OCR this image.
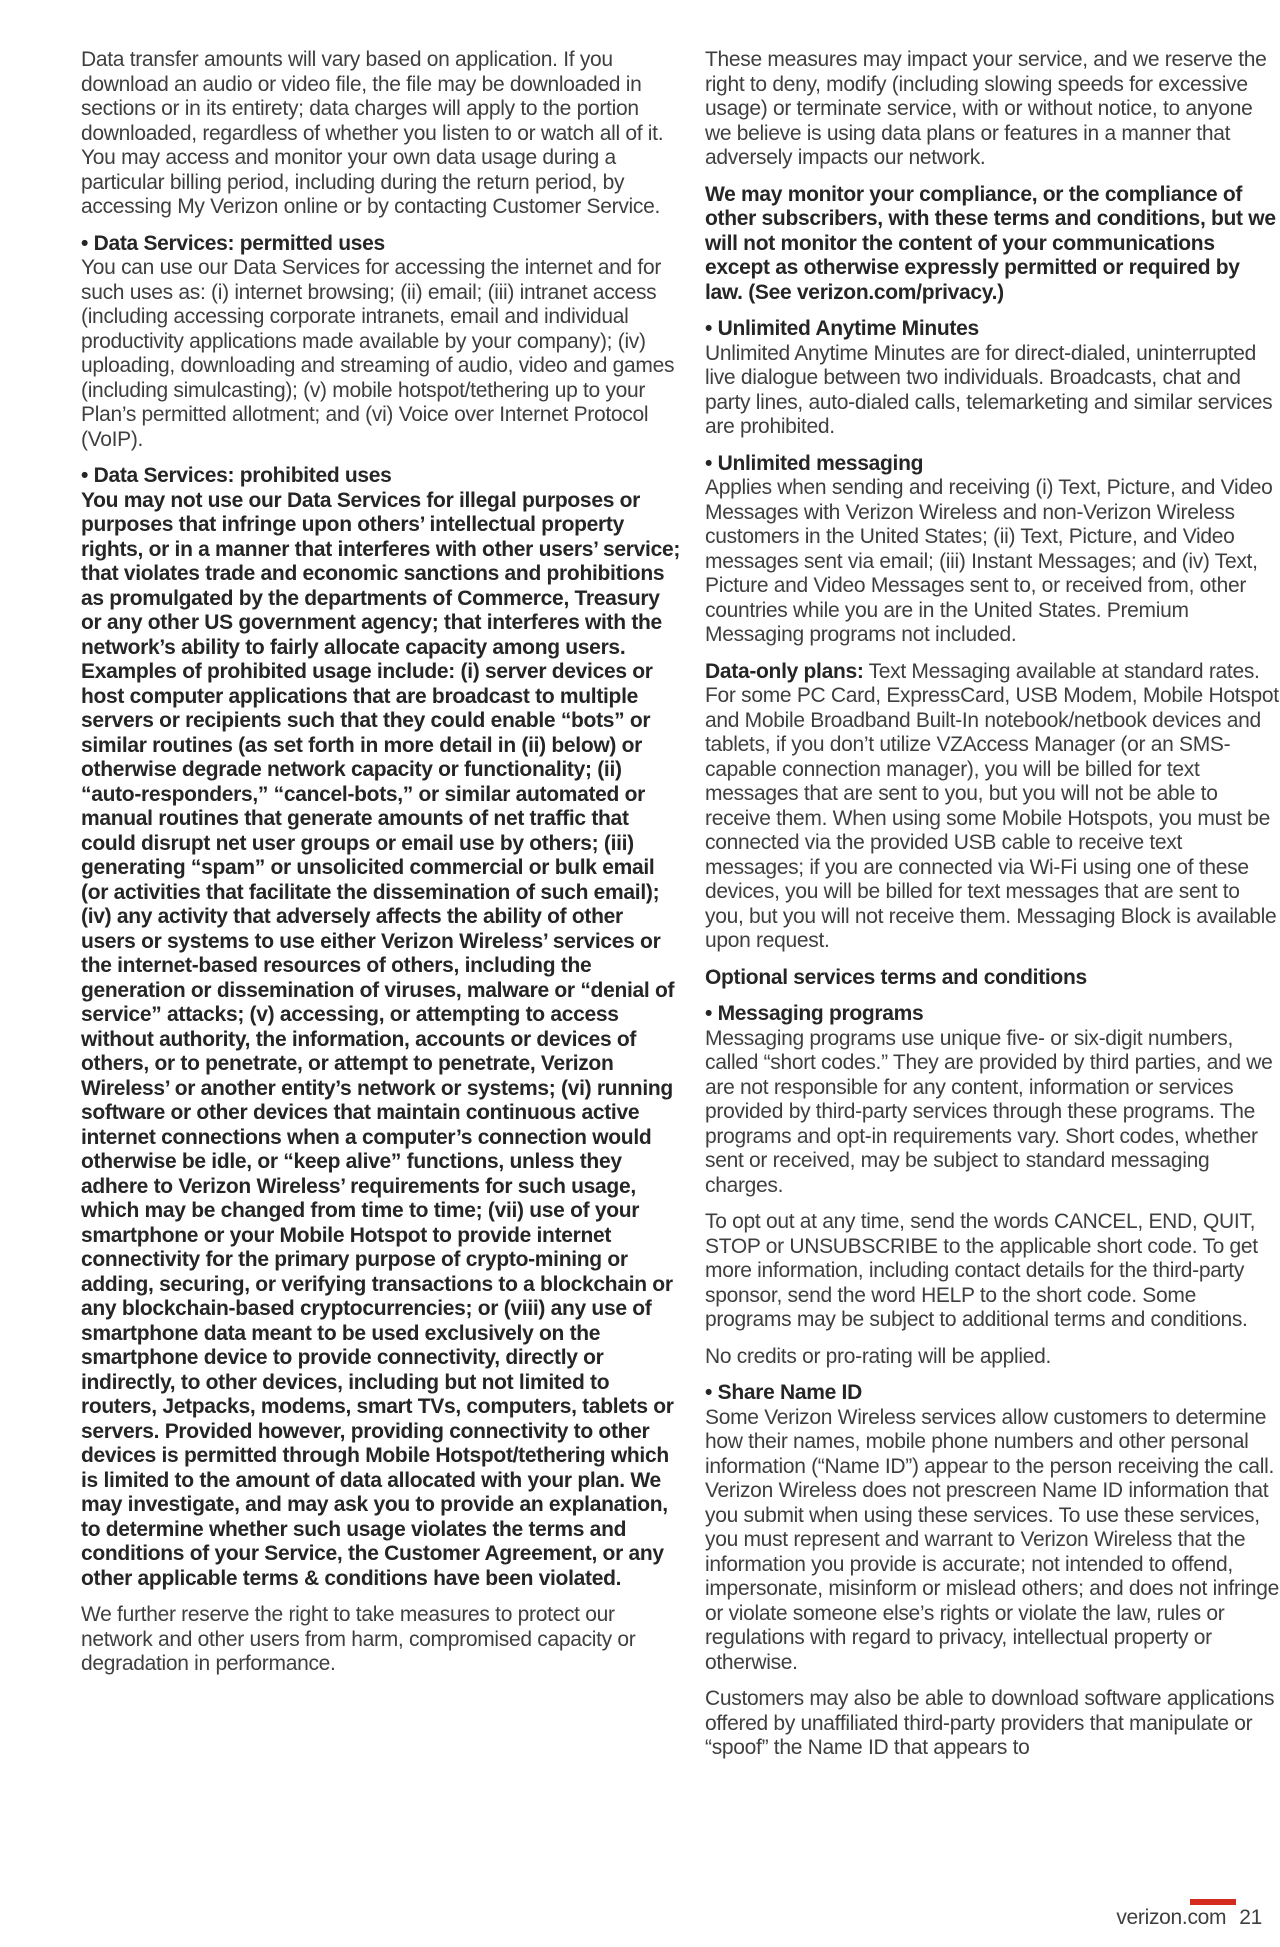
Data transfer amounts will vary based on application. If you download an audio or video file, the file may be downloaded in sections or in its entirety; data charges will apply to the portion downloaded, regardless of whether you listen to or watch all of it. You may access and monitor your own data usage during a particular billing period, including during the return period, by accessing My Verizon online or by contacting Customer Service.
• Data Services: permitted uses
You can use our Data Services for accessing the internet and for such uses as: (i) internet browsing; (ii) email; (iii) intranet access (including accessing corporate intranets, email and individual productivity applications made available by your company); (iv) uploading, downloading and streaming of audio, video and games (including simulcasting); (v) mobile hotspot/tethering up to your Plan’s permitted allotment; and (vi) Voice over Internet Protocol (VoIP).
• Data Services: prohibited uses
You may not use our Data Services for illegal purposes or purposes that infringe upon others’ intellectual property rights, or in a manner that interferes with other users’ service; that violates trade and economic sanctions and prohibitions as promulgated by the departments of Commerce, Treasury or any other US government agency; that interferes with the network’s ability to fairly allocate capacity among users. Examples of prohibited usage include: (i) server devices or host computer applications that are broadcast to multiple servers or recipients such that they could enable “bots” or similar routines (as set forth in more detail in (ii) below) or otherwise degrade network capacity or functionality; (ii) “auto-responders,” “cancel-bots,” or similar automated or manual routines that generate amounts of net traffic that could disrupt net user groups or email use by others; (iii) generating “spam” or unsolicited commercial or bulk email (or activities that facilitate the dissemination of such email); (iv) any activity that adversely affects the ability of other users or systems to use either Verizon Wireless’ services or the internet-based resources of others, including the generation or dissemination of viruses, malware or “denial of service” attacks; (v) accessing, or attempting to access without authority, the information, accounts or devices of others, or to penetrate, or attempt to penetrate, Verizon Wireless’ or another entity’s network or systems; (vi) running software or other devices that maintain continuous active internet connections when a computer’s connection would otherwise be idle, or “keep alive” functions, unless they adhere to Verizon Wireless’ requirements for such usage, which may be changed from time to time; (vii) use of your smartphone or your Mobile Hotspot to provide internet connectivity for the primary purpose of crypto-mining or adding, securing, or verifying transactions to a blockchain or any blockchain-based cryptocurrencies; or (viii) any use of smartphone data meant to be used exclusively on the smartphone device to provide connectivity, directly or indirectly, to other devices, including but not limited to routers, Jetpacks, modems, smart TVs, computers, tablets or servers. Provided however, providing connectivity to other devices is permitted through Mobile Hotspot/tethering which is limited to the amount of data allocated with your plan. We may investigate, and may ask you to provide an explanation, to determine whether such usage violates the terms and conditions of your Service, the Customer Agreement, or any other applicable terms & conditions have been violated.
We further reserve the right to take measures to protect our network and other users from harm, compromised capacity or degradation in performance.
These measures may impact your service, and we reserve the right to deny, modify (including slowing speeds for excessive usage) or terminate service, with or without notice, to anyone we believe is using data plans or features in a manner that adversely impacts our network.
We may monitor your compliance, or the compliance of other subscribers, with these terms and conditions, but we will not monitor the content of your communications except as otherwise expressly permitted or required by law. (See verizon.com/privacy.)
• Unlimited Anytime Minutes
Unlimited Anytime Minutes are for direct-dialed, uninterrupted live dialogue between two individuals. Broadcasts, chat and party lines, auto-dialed calls, telemarketing and similar services are prohibited.
• Unlimited messaging
Applies when sending and receiving (i) Text, Picture, and Video Messages with Verizon Wireless and non-Verizon Wireless customers in the United States; (ii) Text, Picture, and Video messages sent via email; (iii) Instant Messages; and (iv) Text, Picture and Video Messages sent to, or received from, other countries while you are in the United States. Premium Messaging programs not included.
Data-only plans: Text Messaging available at standard rates. For some PC Card, ExpressCard, USB Modem, Mobile Hotspot and Mobile Broadband Built-In notebook/netbook devices and tablets, if you don’t utilize VZAccess Manager (or an SMS-capable connection manager), you will be billed for text messages that are sent to you, but you will not be able to receive them. When using some Mobile Hotspots, you must be connected via the provided USB cable to receive text messages; if you are connected via Wi-Fi using one of these devices, you will be billed for text messages that are sent to you, but you will not receive them. Messaging Block is available upon request.
Optional services terms and conditions
• Messaging programs
Messaging programs use unique five- or six-digit numbers, called “short codes.” They are provided by third parties, and we are not responsible for any content, information or services provided by third-party services through these programs. The programs and opt-in requirements vary. Short codes, whether sent or received, may be subject to standard messaging charges.
To opt out at any time, send the words CANCEL, END, QUIT, STOP or UNSUBSCRIBE to the applicable short code. To get more information, including contact details for the third-party sponsor, send the word HELP to the short code. Some programs may be subject to additional terms and conditions.
No credits or pro-rating will be applied.
• Share Name ID
Some Verizon Wireless services allow customers to determine how their names, mobile phone numbers and other personal information (“Name ID”) appear to the person receiving the call. Verizon Wireless does not prescreen Name ID information that you submit when using these services. To use these services, you must represent and warrant to Verizon Wireless that the information you provide is accurate; not intended to offend, impersonate, misinform or mislead others; and does not infringe or violate someone else’s rights or violate the law, rules or regulations with regard to privacy, intellectual property or otherwise.
Customers may also be able to download software applications offered by unaffiliated third-party providers that manipulate or “spoof” the Name ID that appears to
verizon.com 21
